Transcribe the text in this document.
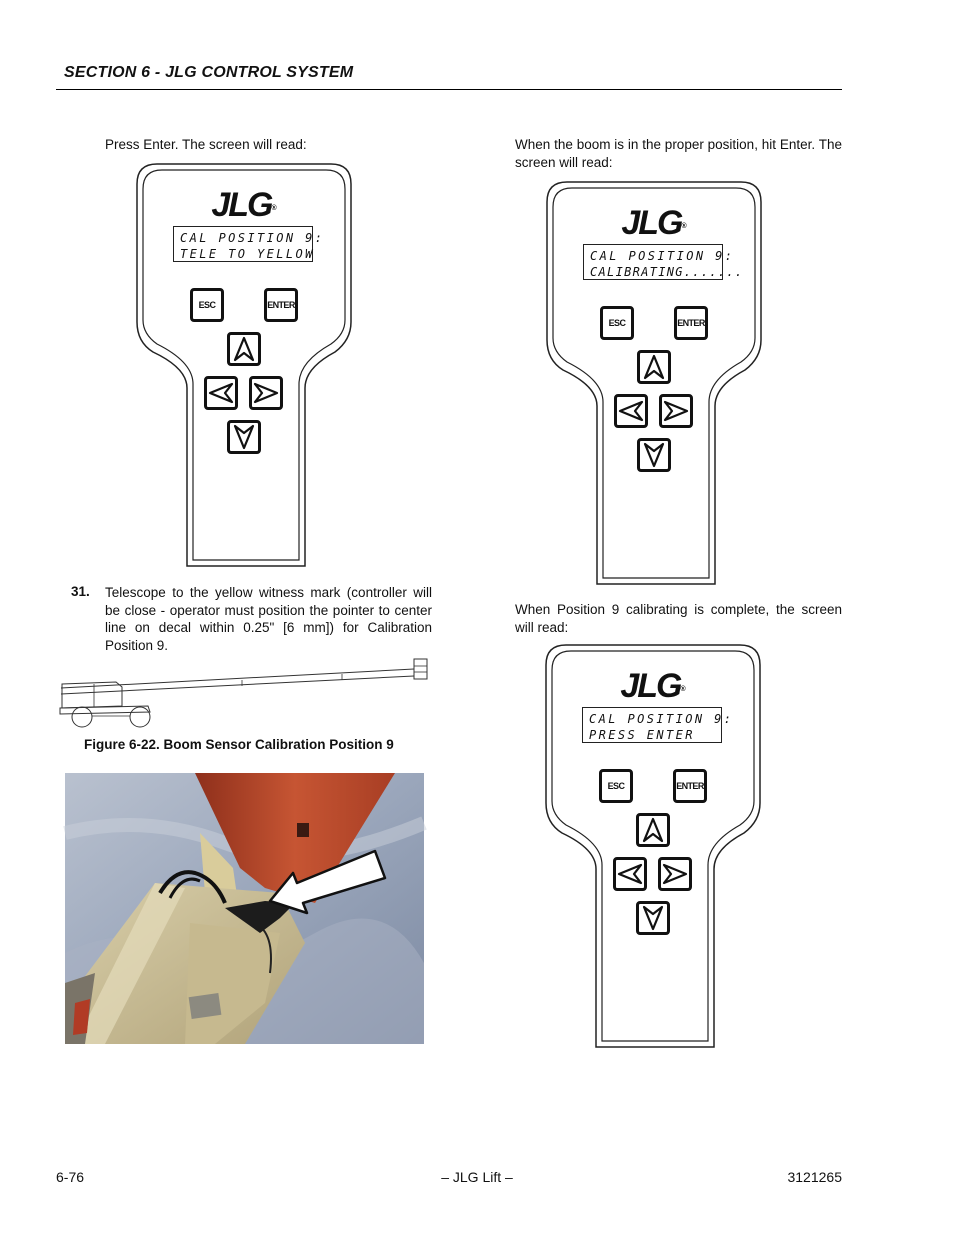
SECTION 6 - JLG CONTROL SYSTEM
Press Enter. The screen will read:
JLG®
CAL POSITION 9:
TELE TO YELLOW
ESC	ENTER
31. Telescope to the yellow witness mark (controller will be close - operator must position the pointer to center line on decal within 0.25" [6 mm]) for Calibration Position 9.
Figure 6-22. Boom Sensor Calibration Position 9
When the boom is in the proper position, hit Enter. The screen will read:
JLG®
CAL POSITION 9:
CALIBRATING.......
ESC	ENTER
When Position 9 calibrating is complete, the screen will read:
JLG®
CAL POSITION 9:
PRESS ENTER
ESC	ENTER
6-76	– JLG Lift –	3121265
